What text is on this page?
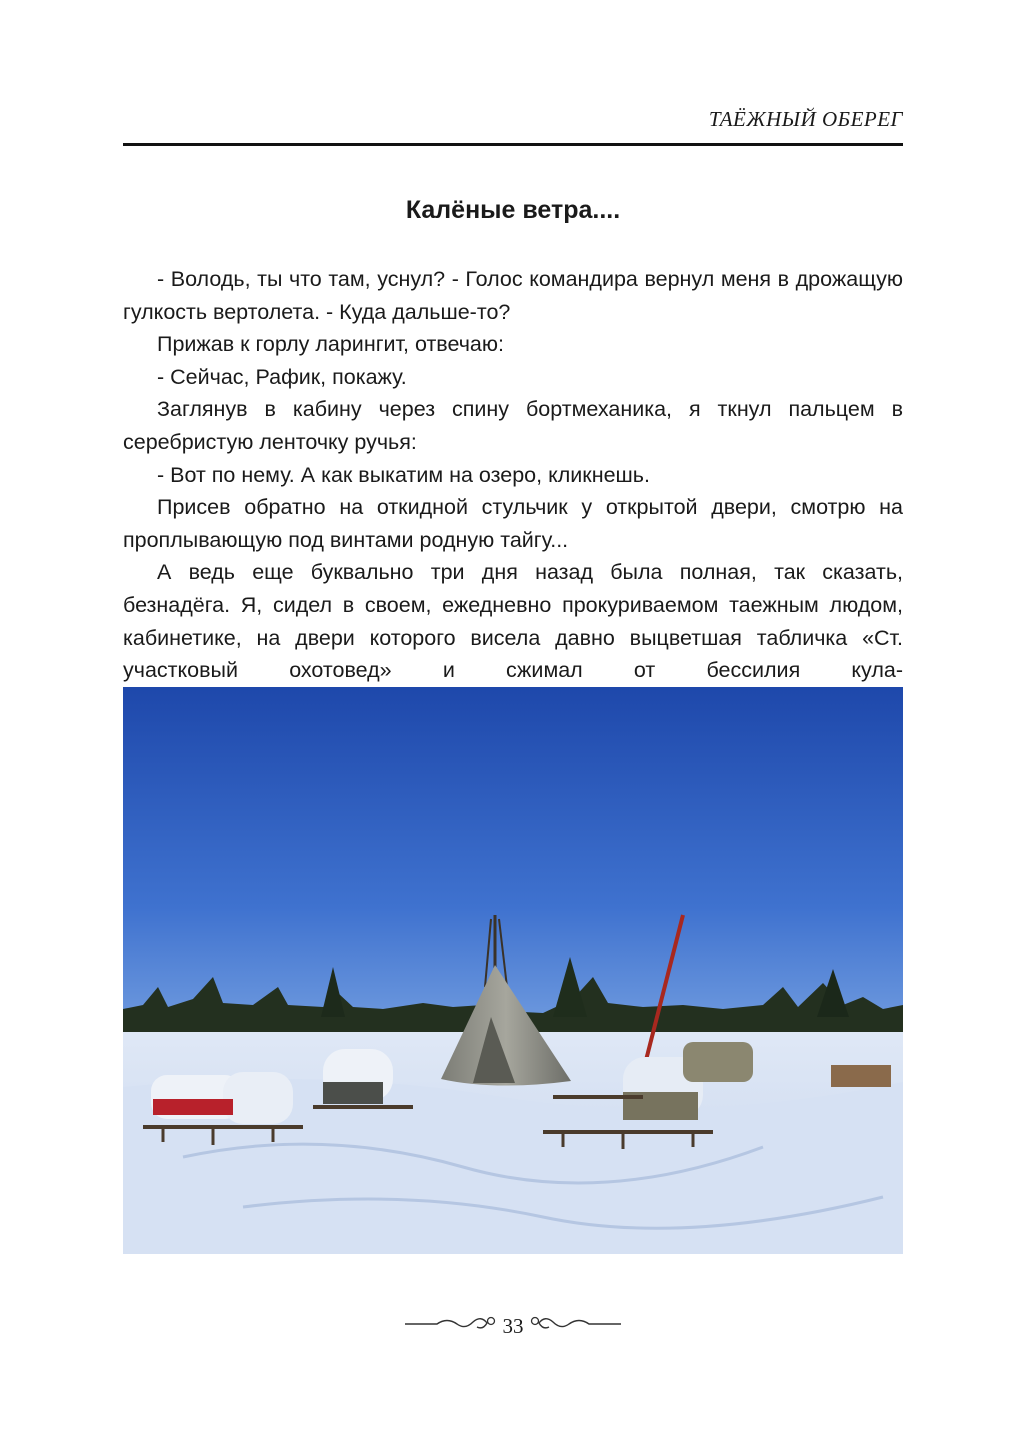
ТАЁЖНЫЙ ОБЕРЕГ
Калёные ветра....

- Володь, ты что там, уснул? - Голос командира вернул меня в дрожащую гулкость вертолета. - Куда дальше-то?

Прижав к горлу ларингит, отвечаю:

- Сейчас, Рафик, покажу.

Заглянув в кабину через спину бортмеханика, я ткнул пальцем в серебристую ленточку ручья:

- Вот по нему. А как выкатим на озеро, кликнешь.

Присев обратно на откидной стульчик у открытой двери, смотрю на проплывающую под винтами родную тайгу...

А ведь еще буквально три дня назад была полная, так сказать, безнадёга. Я, сидел в своем, ежедневно прокуриваемом таежным людом, кабинетике, на двери которого висела давно выцветшая табличка «Ст. участковый охотовед» и сжимал от бессилия кула-

33
